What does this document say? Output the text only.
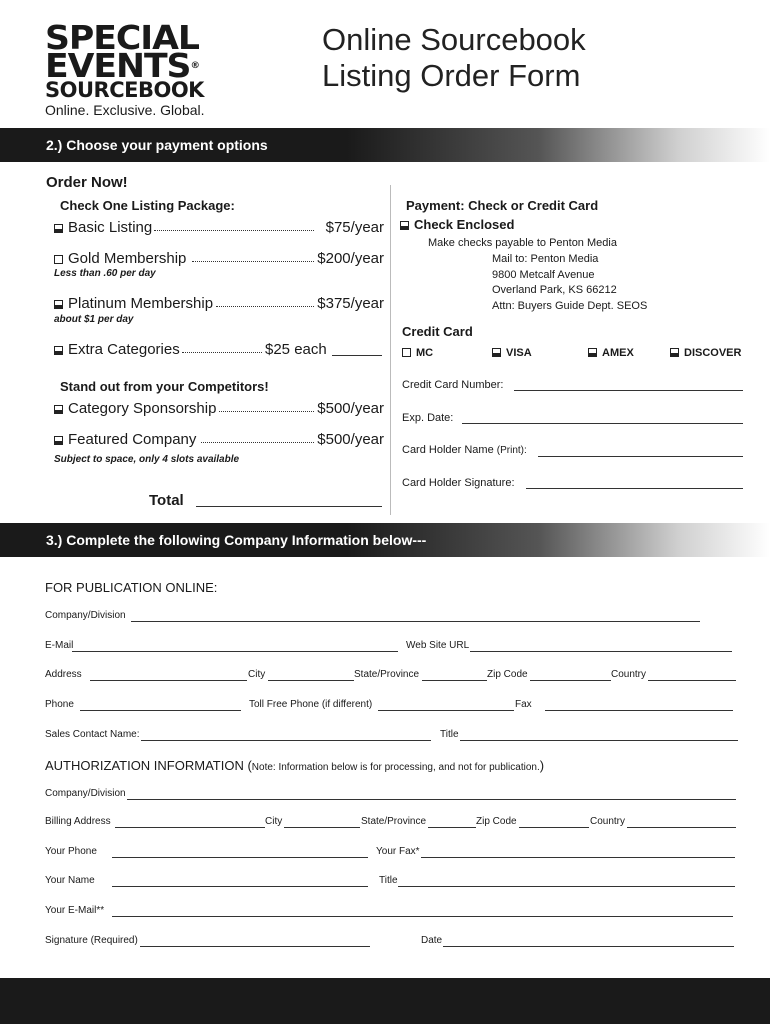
SPECIAL
EVENTS®
SOURCEBOOK
Online. Exclusive. Global.
Online Sourcebook
Listing Order Form
2.) Choose your payment options
Order Now!
Check One Listing Package:
Basic Listing	$75/year
Gold Membership	$200/year
Less than .60 per day
Platinum Membership	$375/year
about $1 per day
Extra Categories	$25 each
Stand out from your Competitors!
Category Sponsorship	$500/year
Featured Company	$500/year
Subject to space, only 4 slots available
Total
Payment: Check or Credit Card
Check Enclosed
Make checks payable to Penton Media
Mail to: Penton Media
9800 Metcalf Avenue
Overland Park, KS 66212
Attn: Buyers Guide Dept. SEOS
Credit Card
MC	VISA	AMEX	DISCOVER
Credit Card Number:
Exp. Date:
Card Holder Name (Print):
Card Holder Signature:
3.) Complete the following Company Information below---
FOR PUBLICATION ONLINE:
Company/Division
E-Mail	Web Site URL
Address	City	State/Province	Zip Code	Country
Phone	Toll Free Phone (if different)	Fax
Sales Contact Name:	Title
AUTHORIZATION INFORMATION (Note: Information below is for processing, and not for publication.)
Company/Division
Billing Address	City	State/Province	Zip Code	Country
Your Phone	Your Fax*
Your Name	Title
Your E-Mail**
Signature (Required)	Date
